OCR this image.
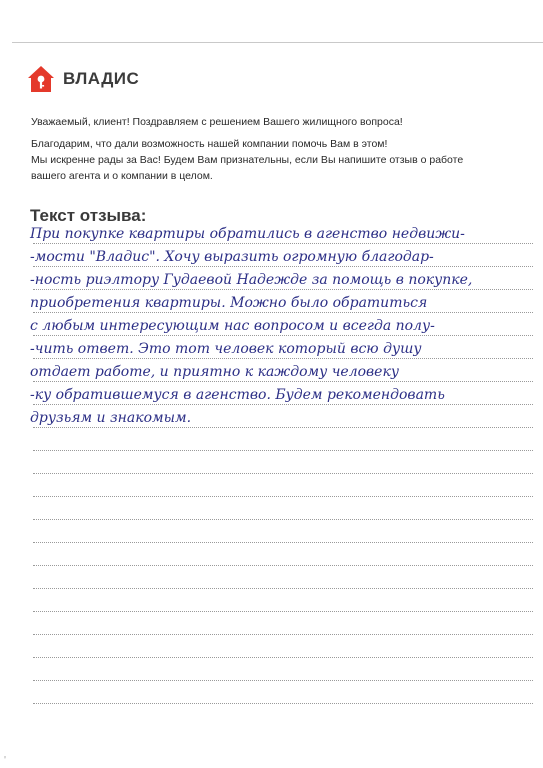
ВЛАДИС

Уважаемый, клиент! Поздравляем с решением Вашего жилищного вопроса!

Благодарим, что дали возможность нашей компании помочь Вам в этом!
Мы искренне рады за Вас! Будем Вам признательны, если Вы напишите отзыв о работе
вашего агента и о компании в целом.
Текст отзыва:
При покупке квартиры обратились в агенство недвижи-
-мости "Владис". Хочу выразить огромную благодар-
-ность риэлтору Гудаевой Надежде за помощь в покупке,
приобретения квартиры. Можно было обратиться
с любым интересующим нас вопросом и всегда полу-
-чить ответ. Это тот человек который всю душу
отдает работе, и приятно к каждому человеку
-ку обратившемуся в агенство. Будем рекомендовать
друзьям и знакомым.
ᵛ
